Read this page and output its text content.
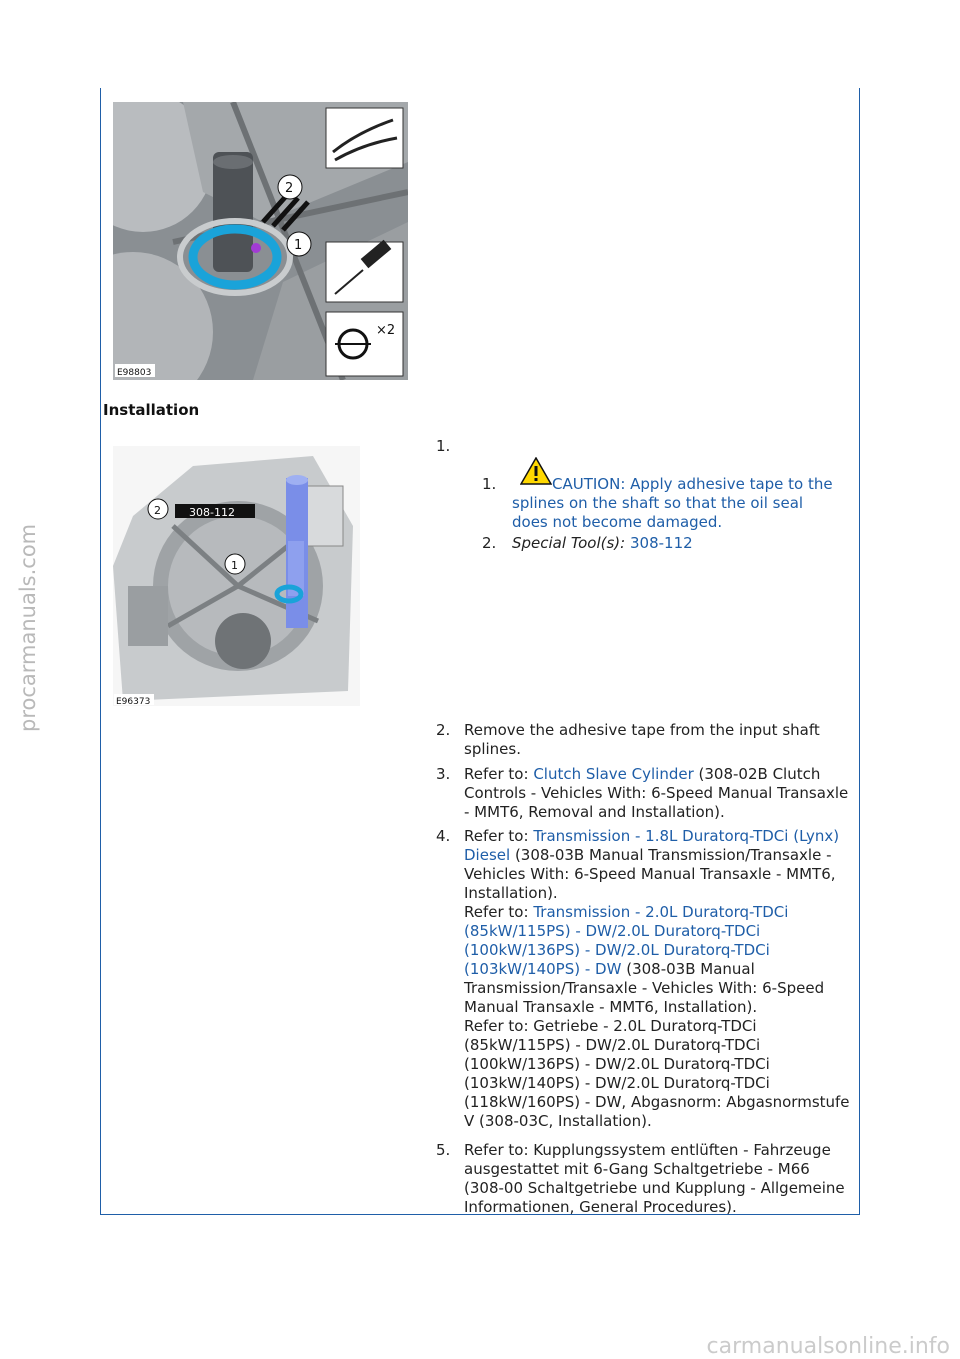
×2
2
1
E98803
Installation
308-112
2
1
E96373
1.
1.	CAUTION: Apply adhesive tape to the splines on the shaft so that the oil seal does not become damaged.
2. Special Tool(s): 308-112
2. Remove the adhesive tape from the input shaft splines.
3. Refer to: Clutch Slave Cylinder (308-02B Clutch Controls - Vehicles With: 6-Speed Manual Transaxle - MMT6, Removal and Installation).
4. Refer to: Transmission - 1.8L Duratorq-TDCi (Lynx) Diesel (308-03B Manual Transmission/Transaxle - Vehicles With: 6-Speed Manual Transaxle - MMT6, Installation).
Refer to: Transmission - 2.0L Duratorq-TDCi (85kW/115PS) - DW/2.0L Duratorq-TDCi (100kW/136PS) - DW/2.0L Duratorq-TDCi (103kW/140PS) - DW (308-03B Manual Transmission/Transaxle - Vehicles With: 6-Speed Manual Transaxle - MMT6, Installation).
Refer to: Getriebe - 2.0L Duratorq-TDCi (85kW/115PS) - DW/2.0L Duratorq-TDCi (100kW/136PS) - DW/2.0L Duratorq-TDCi (103kW/140PS) - DW/2.0L Duratorq-TDCi (118kW/160PS) - DW, Abgasnorm: Abgasnormstufe V (308-03C, Installation).
5. Refer to: Kupplungssystem entlüften - Fahrzeuge ausgestattet mit 6-Gang Schaltgetriebe - M66 (308-00 Schaltgetriebe und Kupplung - Allgemeine Informationen, General Procedures).
procarmanuals.com
carmanualsonline.info
